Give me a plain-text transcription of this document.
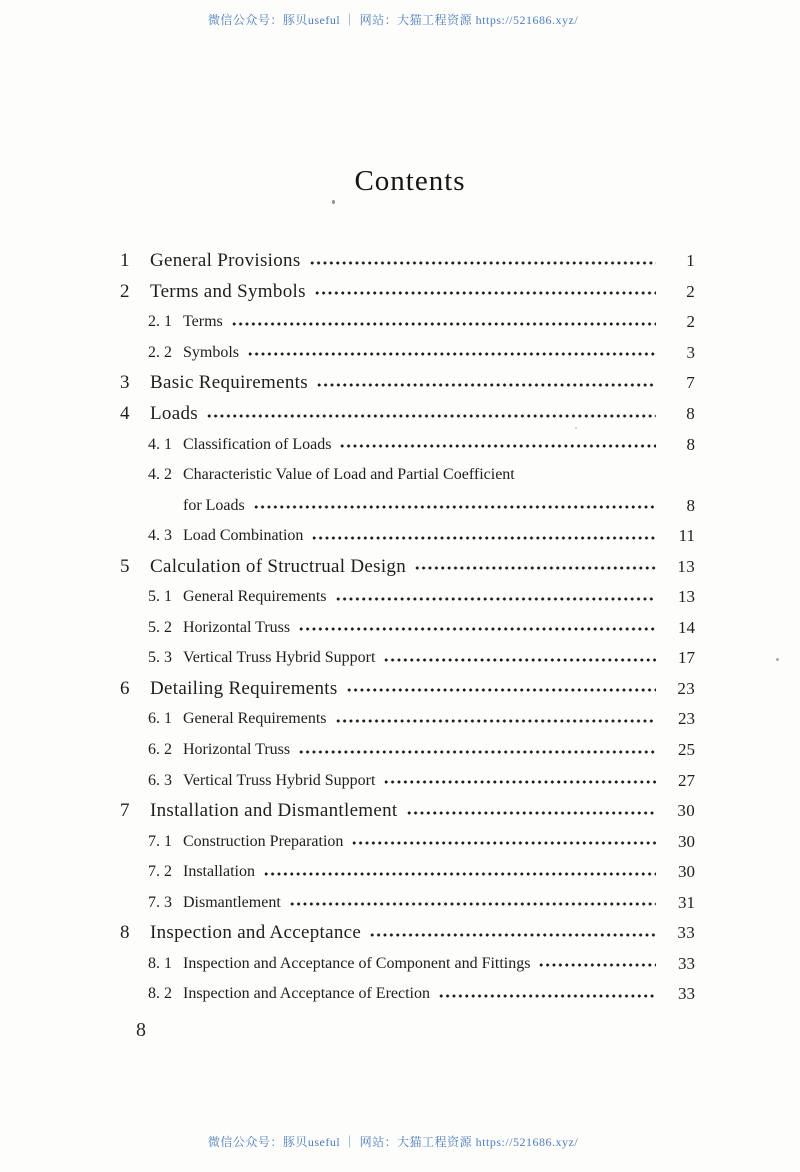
微信公众号：豚贝useful ｜ 网站：大猫工程资源 https://521686.xyz/
Contents
1	General Provisions	1
2	Terms and Symbols	2
2. 1 Terms	2
2. 2 Symbols	3
3	Basic Requirements	7
4	Loads	8
4. 1 Classification of Loads	8
4. 2 Characteristic Value of Load and Partial Coefficient
for Loads	8
4. 3 Load Combination	11
5	Calculation of Structrual Design	13
5. 1 General Requirements	13
5. 2 Horizontal Truss	14
5. 3 Vertical Truss Hybrid Support	17
6	Detailing Requirements	23
6. 1 General Requirements	23
6. 2 Horizontal Truss	25
6. 3 Vertical Truss Hybrid Support	27
7	Installation and Dismantlement	30
7. 1 Construction Preparation	30
7. 2 Installation	30
7. 3 Dismantlement	31
8	Inspection and Acceptance	33
8. 1 Inspection and Acceptance of Component and Fittings	33
8. 2 Inspection and Acceptance of Erection	33
8
微信公众号：豚贝useful ｜ 网站：大猫工程资源 https://521686.xyz/
